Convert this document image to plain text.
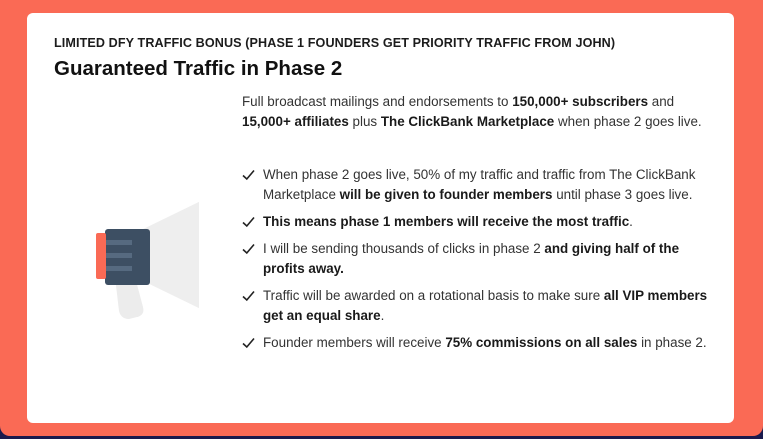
LIMITED DFY TRAFFIC BONUS (PHASE 1 FOUNDERS GET PRIORITY TRAFFIC FROM JOHN)
Guaranteed Traffic in Phase 2

Full broadcast mailings and endorsements to 150,000+ subscribers and 15,000+ affiliates plus The ClickBank Marketplace when phase 2 goes live.

When phase 2 goes live, 50% of my traffic and traffic from The ClickBank Marketplace will be given to founder members until phase 3 goes live.
This means phase 1 members will receive the most traffic.
I will be sending thousands of clicks in phase 2 and giving half of the profits away.
Traffic will be awarded on a rotational basis to make sure all VIP members get an equal share.
Founder members will receive 75% commissions on all sales in phase 2.
